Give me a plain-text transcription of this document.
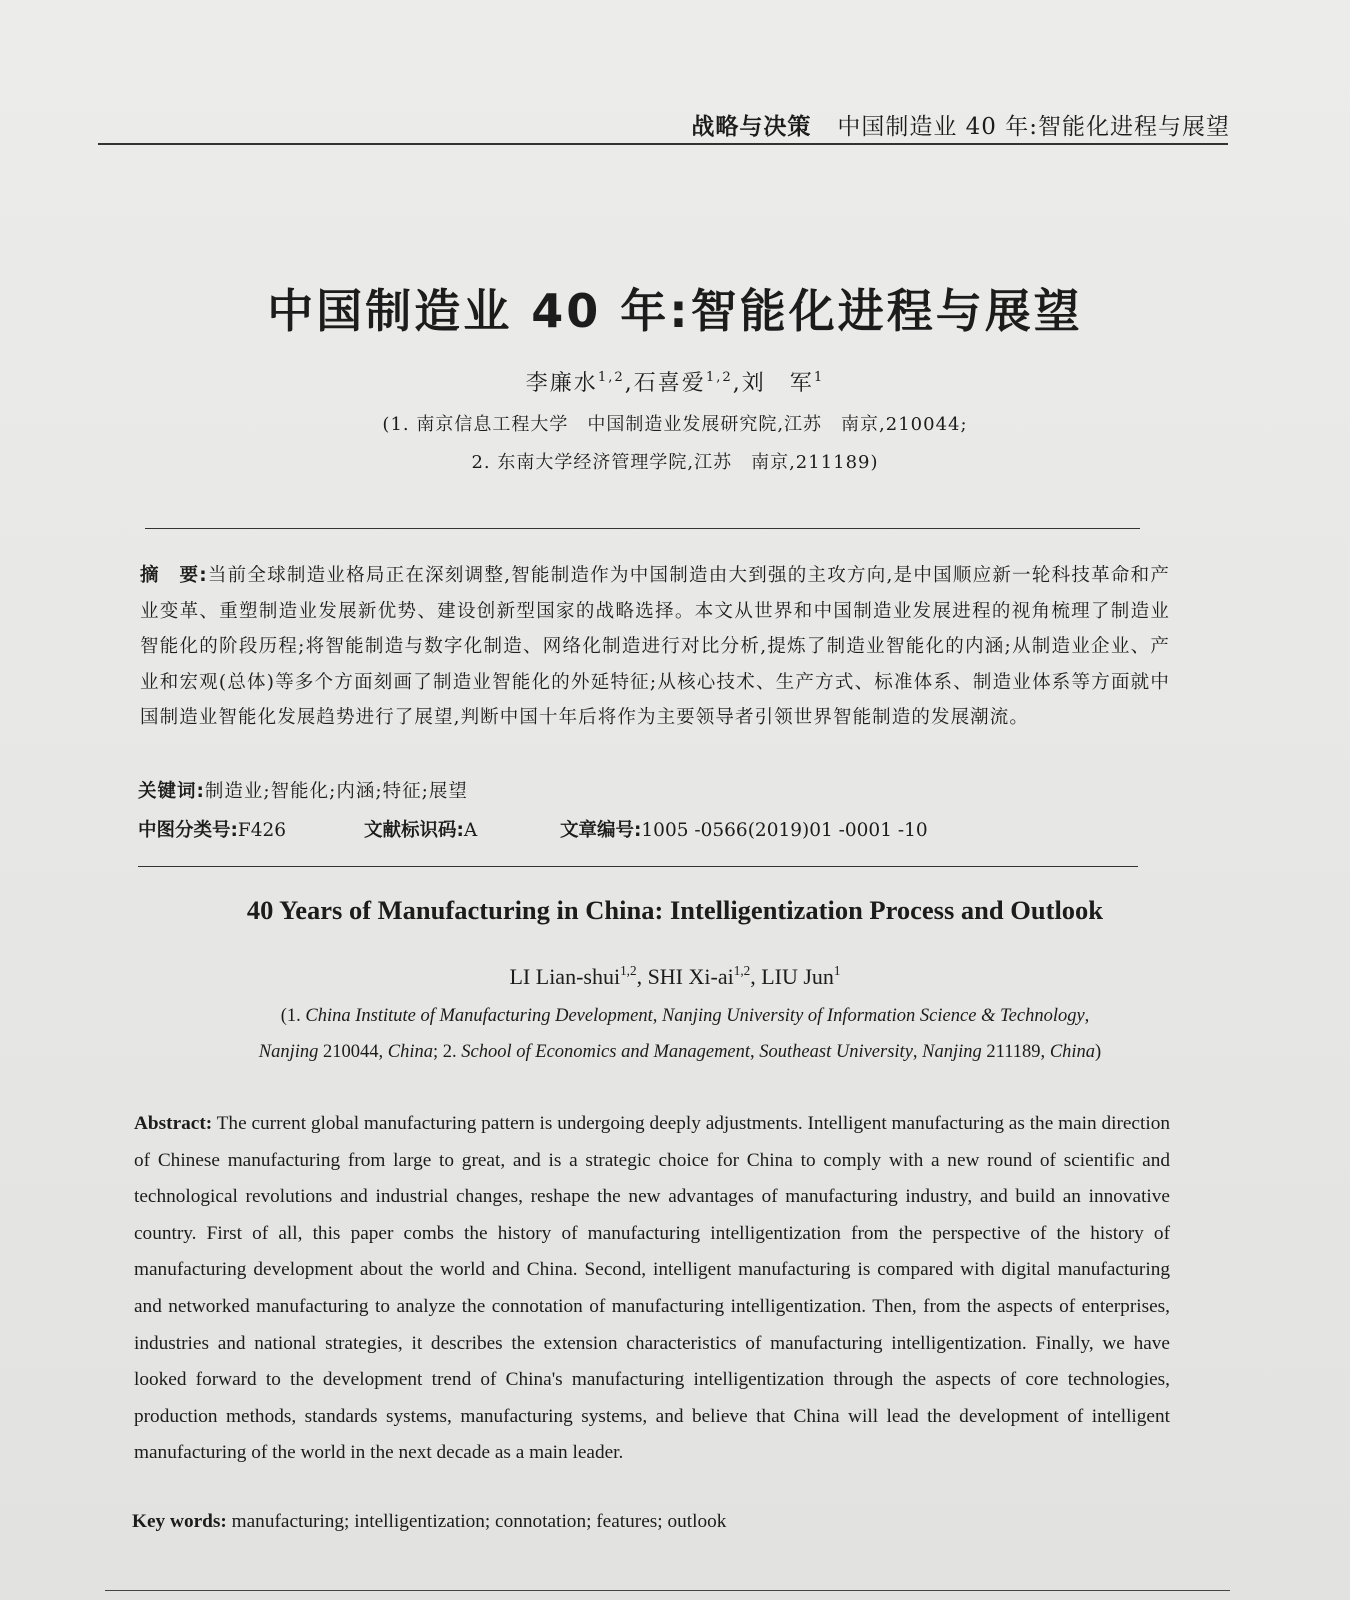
战略与决策 中国制造业 40 年:智能化进程与展望
中国制造业 40 年:智能化进程与展望
李廉水$^{1,2}$,石喜爱$^{1,2}$,刘　军$^1$
(1. 南京信息工程大学　中国制造业发展研究院,江苏　南京,210044;
2. 东南大学经济管理学院,江苏　南京,211189)
摘　要:当前全球制造业格局正在深刻调整,智能制造作为中国制造由大到强的主攻方向,是中国顺应新一轮科技革命和产业变革、重塑制造业发展新优势、建设创新型国家的战略选择。本文从世界和中国制造业发展进程的视角梳理了制造业智能化的阶段历程;将智能制造与数字化制造、网络化制造进行对比分析,提炼了制造业智能化的内涵;从制造业企业、产业和宏观(总体)等多个方面刻画了制造业智能化的外延特征;从核心技术、生产方式、标准体系、制造业体系等方面就中国制造业智能化发展趋势进行了展望,判断中国十年后将作为主要领导者引领世界智能制造的发展潮流。
关键词:制造业;智能化;内涵;特征;展望
中图分类号:F426	文献标识码:A	文章编号:1005 -0566(2019)01 -0001 -10
40 Years of Manufacturing in China: Intelligentization Process and Outlook
LI Lian-shui$^{1,2}$, SHI Xi-ai$^{1,2}$, LIU Jun$^1$
(1. China Institute of Manufacturing Development, Nanjing University of Information Science & Technology,
Nanjing 210044, China; 2. School of Economics and Management, Southeast University, Nanjing 211189, China)

Abstract: The current global manufacturing pattern is undergoing deeply adjustments. Intelligent manufacturing as the main direction of Chinese manufacturing from large to great, and is a strategic choice for China to comply with a new round of scientific and technological revolutions and industrial changes, reshape the new advantages of manufacturing industry, and build an innovative country. First of all, this paper combs the history of manufacturing intelligentization from the perspective of the history of manufacturing development about the world and China. Second, intelligent manufacturing is compared with digital manufacturing and networked manufacturing to analyze the connotation of manufacturing intelligentization. Then, from the aspects of enterprises, industries and national strategies, it describes the extension characteristics of manufacturing intelligentization. Finally, we have looked forward to the development trend of China's manufacturing intelligentization through the aspects of core technologies, production methods, standards systems, manufacturing systems, and believe that China will lead the development of intelligent manufacturing of the world in the next decade as a main leader.

Key words: manufacturing; intelligentization; connotation; features; outlook
